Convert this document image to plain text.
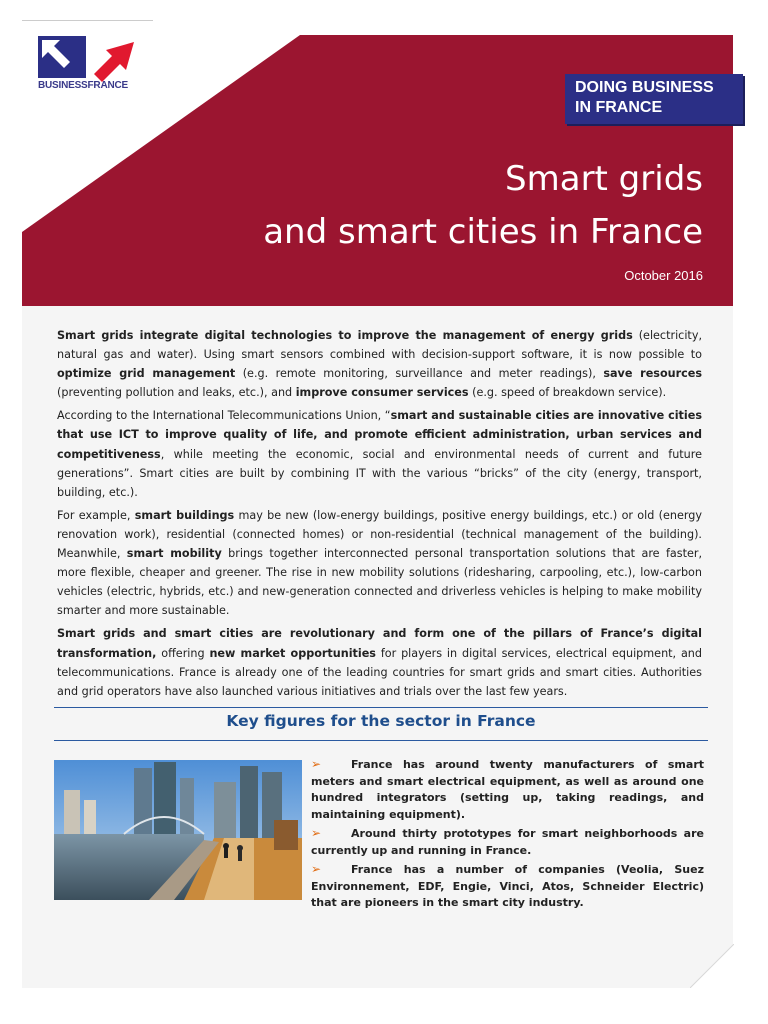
BUSINESSFRANCE	DOING BUSINESS
IN FRANCE
Smart grids
and smart cities in France
October 2016

Smart grids integrate digital technologies to improve the management of energy grids (electricity, natural gas and water). Using smart sensors combined with decision-support software, it is now possible to optimize grid management (e.g. remote monitoring, surveillance and meter readings), save resources (preventing pollution and leaks, etc.), and improve consumer services (e.g. speed of breakdown service).

According to the International Telecommunications Union, “smart and sustainable cities are innovative cities that use ICT to improve quality of life, and promote efficient administration, urban services and competitiveness, while meeting the economic, social and environmental needs of current and future generations”. Smart cities are built by combining IT with the various “bricks” of the city (energy, transport, building, etc.).

For example, smart buildings may be new (low-energy buildings, positive energy buildings, etc.) or old (energy renovation work), residential (connected homes) or non-residential (technical management of the building). Meanwhile, smart mobility brings together interconnected personal transportation solutions that are faster, more flexible, cheaper and greener. The rise in new mobility solutions (ridesharing, carpooling, etc.), low-carbon vehicles (electric, hybrids, etc.) and new-generation connected and driverless vehicles is helping to make mobility smarter and more sustainable.

Smart grids and smart cities are revolutionary and form one of the pillars of France’s digital transformation, offering new market opportunities for players in digital services, electrical equipment, and telecommunications. France is already one of the leading countries for smart grids and smart cities. Authorities and grid operators have also launched various initiatives and trials over the last few years.

Key figures for the sector in France

➢	France has around twenty manufacturers of smart meters and smart electrical equipment, as well as around one hundred integrators (setting up, taking readings, and maintaining equipment).

➢	Around thirty prototypes for smart neighborhoods are currently up and running in France.

➢	France has a number of companies (Veolia, Suez Environnement, EDF, Engie, Vinci, Atos, Schneider Electric) that are pioneers in the smart city industry.
